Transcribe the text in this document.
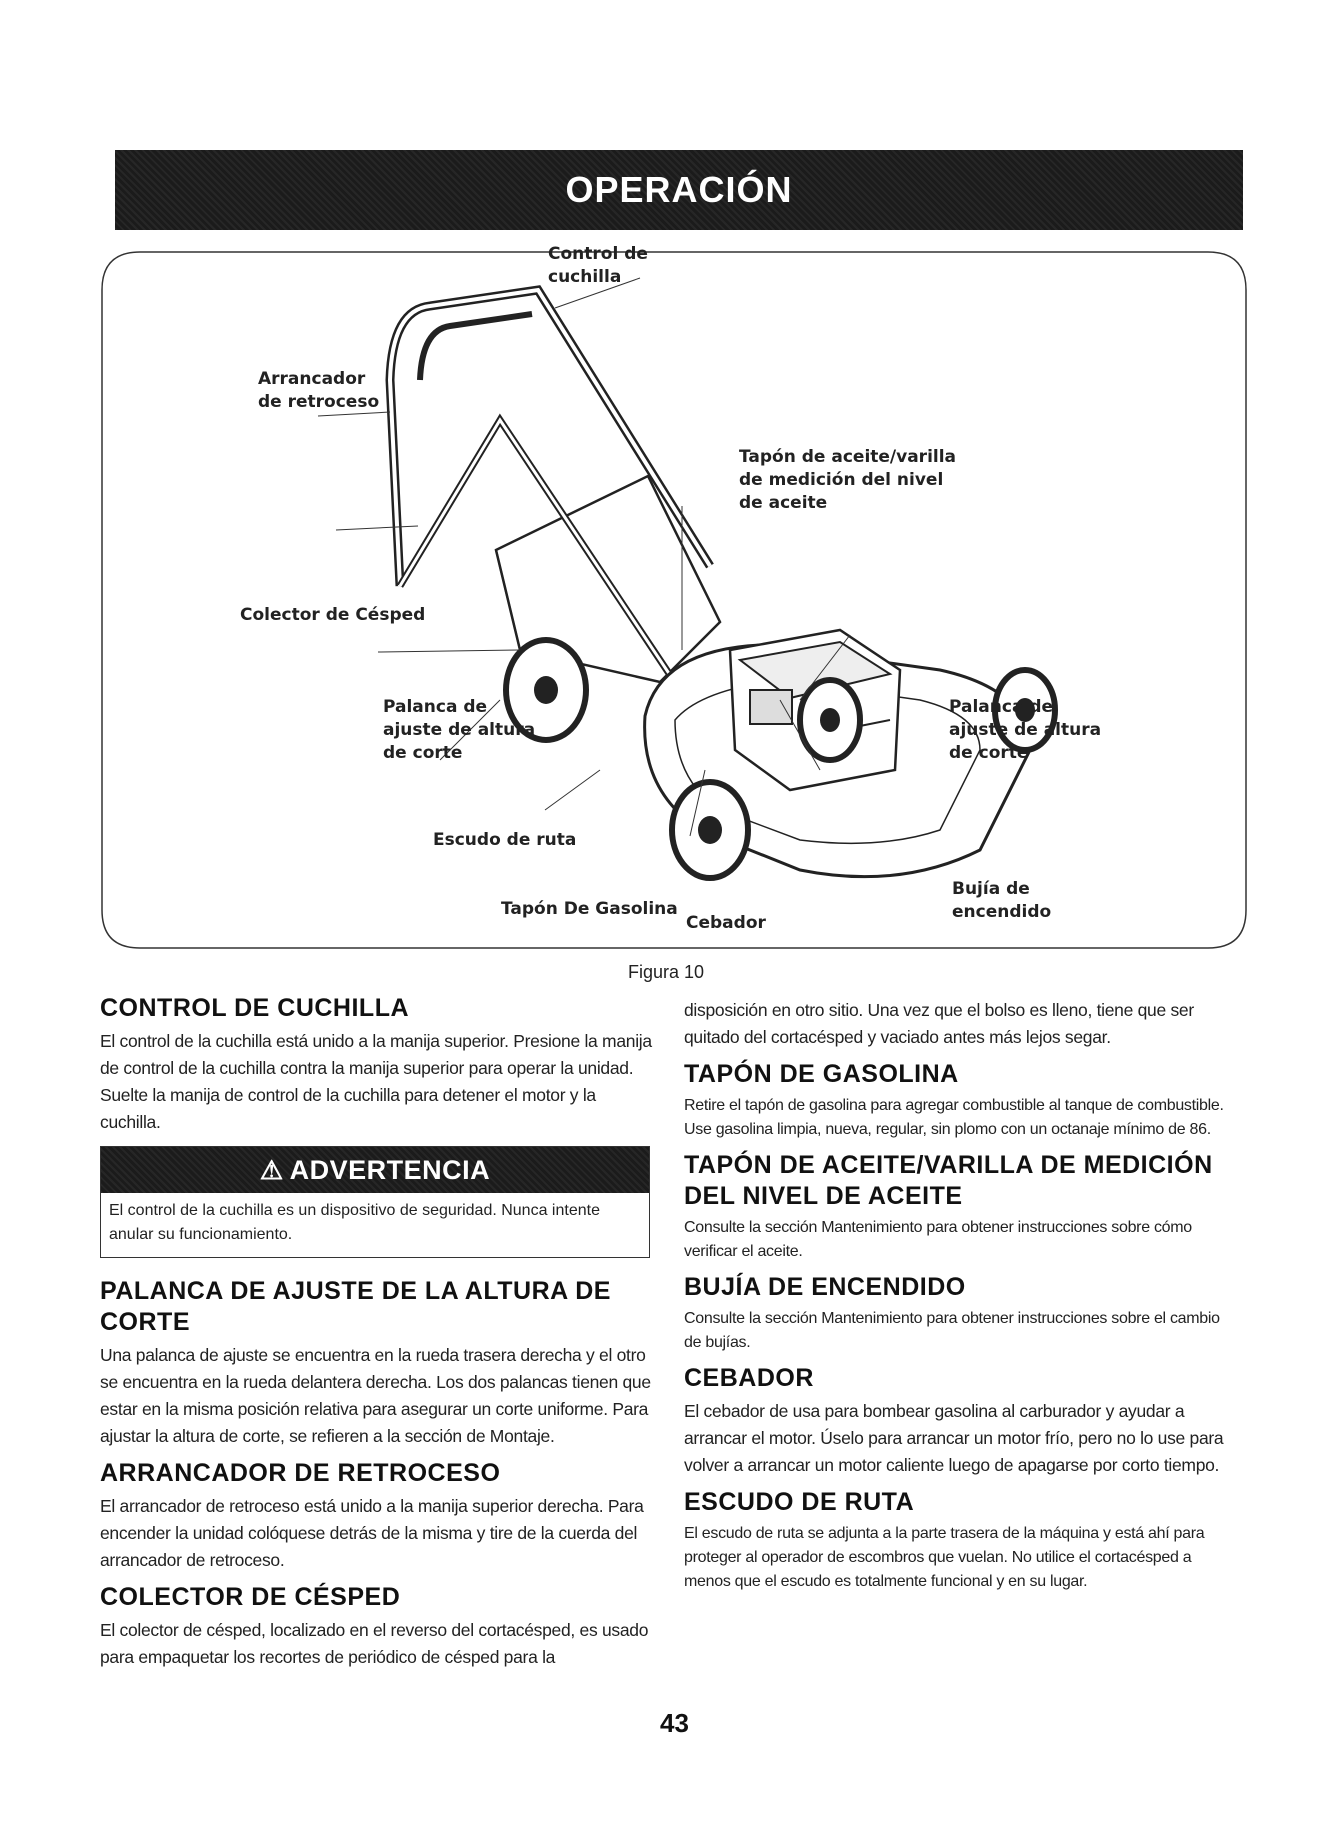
OPERACIÓN
Control de
cuchilla
Arrancador
de retroceso
Tapón de aceite/varilla
de medición del nivel
de aceite
Colector de Césped
Palanca de
ajuste de altura
de corte
Palanca de
ajuste de altura
de corte
Escudo de ruta
Tapón De Gasolina
Cebador
Bujía de
encendido
Figura 10
CONTROL DE CUCHILLA

El control de la cuchilla está unido a la manija superior. Presione la manija de control de la cuchilla contra la manija superior para operar la unidad. Suelte la manija de control de la cuchilla para detener el motor y la cuchilla.

⚠ ADVERTENCIA
El control de la cuchilla es un dispositivo de seguridad. Nunca intente anular su funcionamiento.
PALANCA DE AJUSTE DE LA ALTURA DE CORTE

Una palanca de ajuste se encuentra en la rueda trasera derecha y el otro se encuentra en la rueda delantera derecha. Los dos palancas tienen que estar en la misma posición relativa para asegurar un corte uniforme. Para ajustar la altura de corte, se refieren a la sección de Montaje.

ARRANCADOR DE RETROCESO

El arrancador de retroceso está unido a la manija superior derecha. Para encender la unidad colóquese detrás de la misma y tire de la cuerda del arrancador de retroceso.

COLECTOR DE CÉSPED

El colector de césped, localizado en el reverso del cortacésped, es usado para empaquetar los recortes de periódico de césped para la

disposición en otro sitio. Una vez que el bolso es lleno, tiene que ser quitado del cortacésped y vaciado antes más lejos segar.

TAPÓN DE GASOLINA

Retire el tapón de gasolina para agregar combustible al tanque de combustible. Use gasolina limpia, nueva, regular, sin plomo con un octanaje mínimo de 86.

TAPÓN DE ACEITE/VARILLA DE MEDICIÓN DEL NIVEL DE ACEITE

Consulte la sección Mantenimiento para obtener instrucciones sobre cómo verificar el aceite.

BUJÍA DE ENCENDIDO

Consulte la sección Mantenimiento para obtener instrucciones sobre el cambio de bujías.

CEBADOR

El cebador de usa para bombear gasolina al carburador y ayudar a arrancar el motor. Úselo para arrancar un motor frío, pero no lo use para volver a arrancar un motor caliente luego de apagarse por corto tiempo.

ESCUDO DE RUTA

El escudo de ruta se adjunta a la parte trasera de la máquina y está ahí para proteger al operador de escombros que vuelan. No utilice el cortacésped a menos que el escudo es totalmente funcional y en su lugar.

43
